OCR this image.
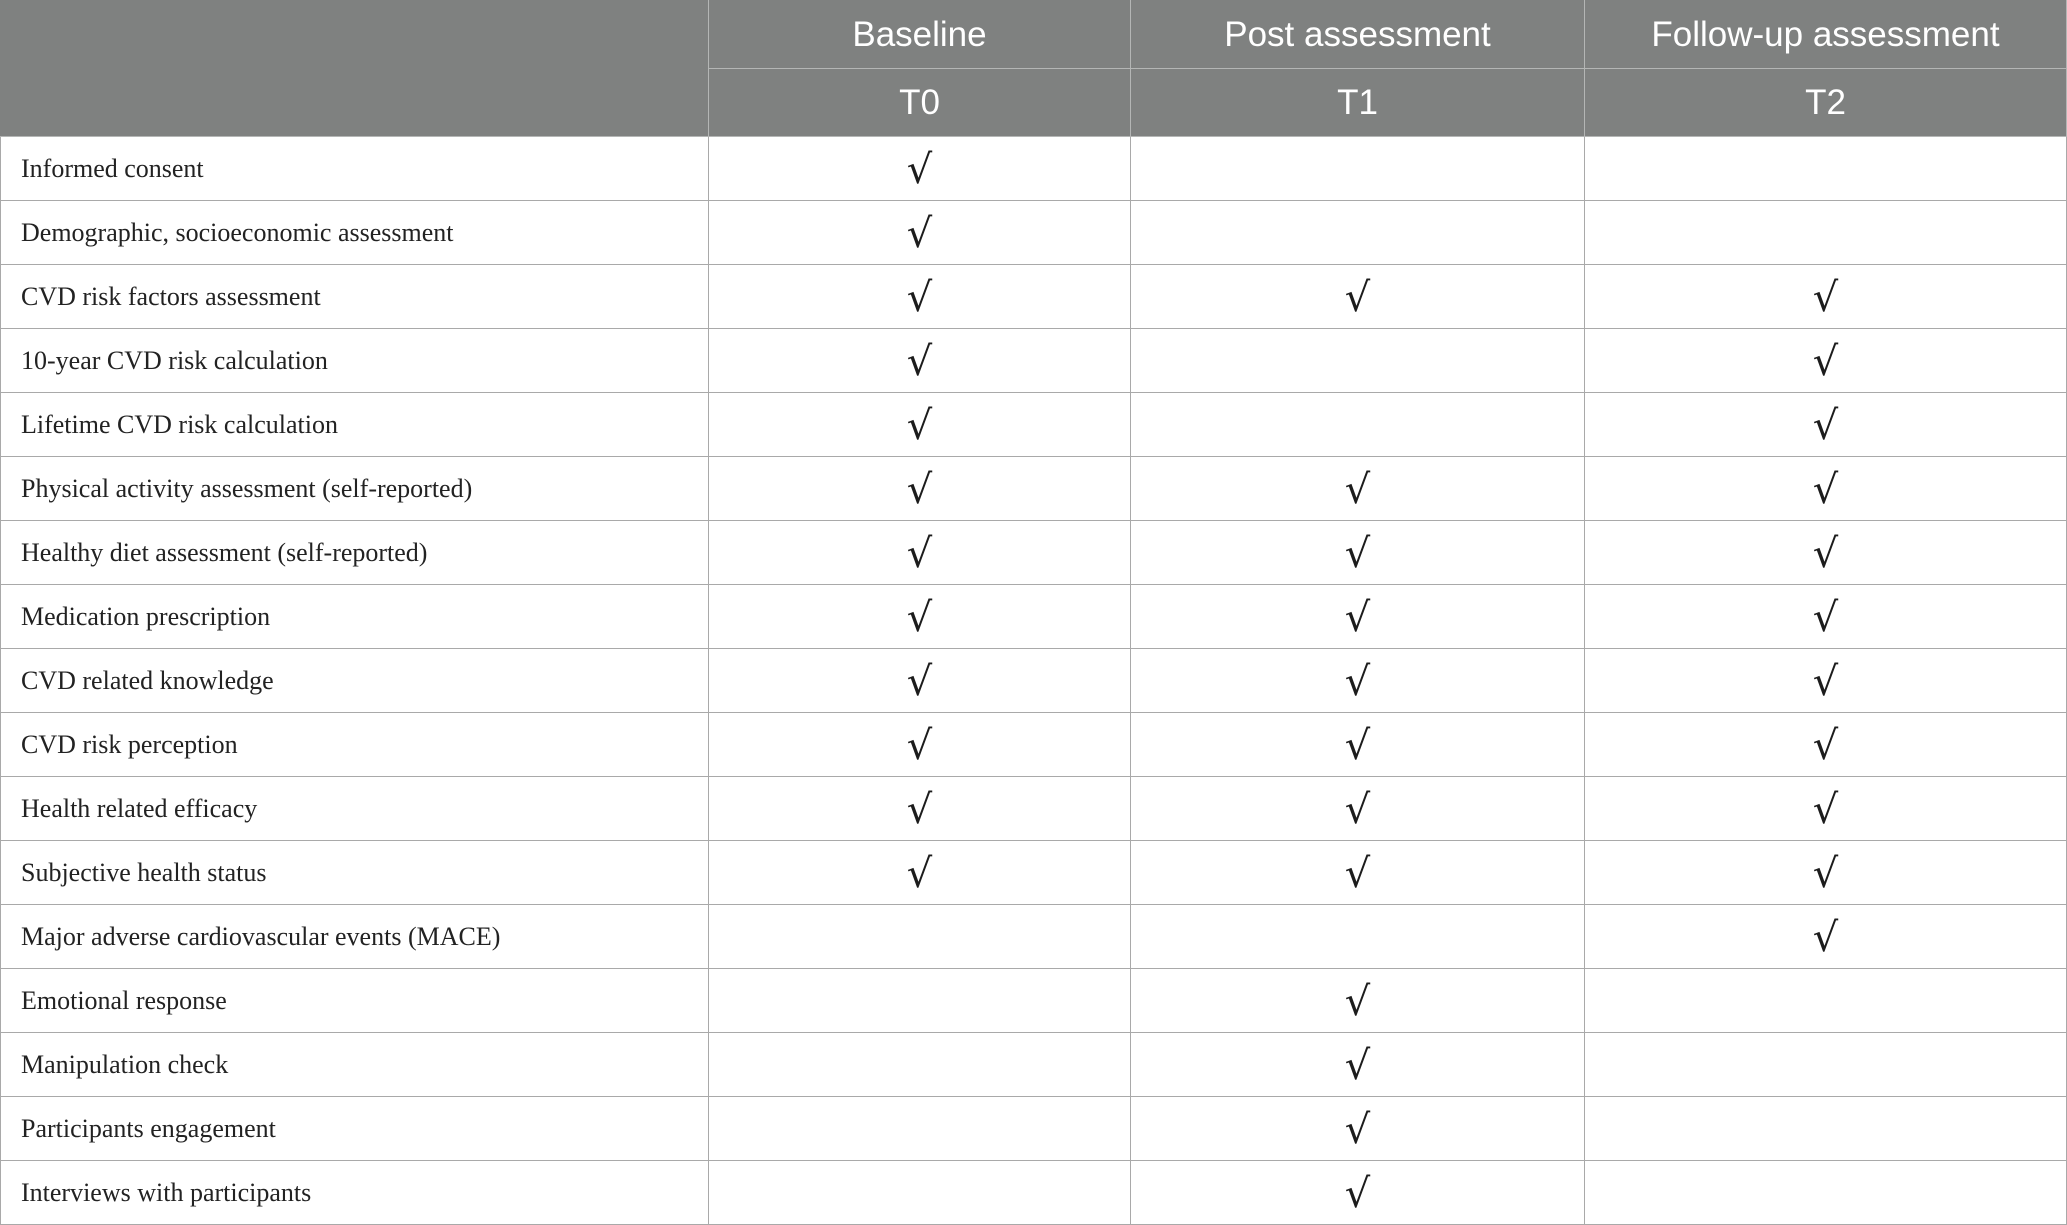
	Baseline	Post assessment	Follow-up assessment
	T0	T1	T2
Informed consent	√		
Demographic, socioeconomic assessment	√		
CVD risk factors assessment	√	√	√
10-year CVD risk calculation	√		√
Lifetime CVD risk calculation	√		√
Physical activity assessment (self-reported)	√	√	√
Healthy diet assessment (self-reported)	√	√	√
Medication prescription	√	√	√
CVD related knowledge	√	√	√
CVD risk perception	√	√	√
Health related efficacy	√	√	√
Subjective health status	√	√	√
Major adverse cardiovascular events (MACE)			√
Emotional response		√	
Manipulation check		√	
Participants engagement		√	
Interviews with participants		√	
